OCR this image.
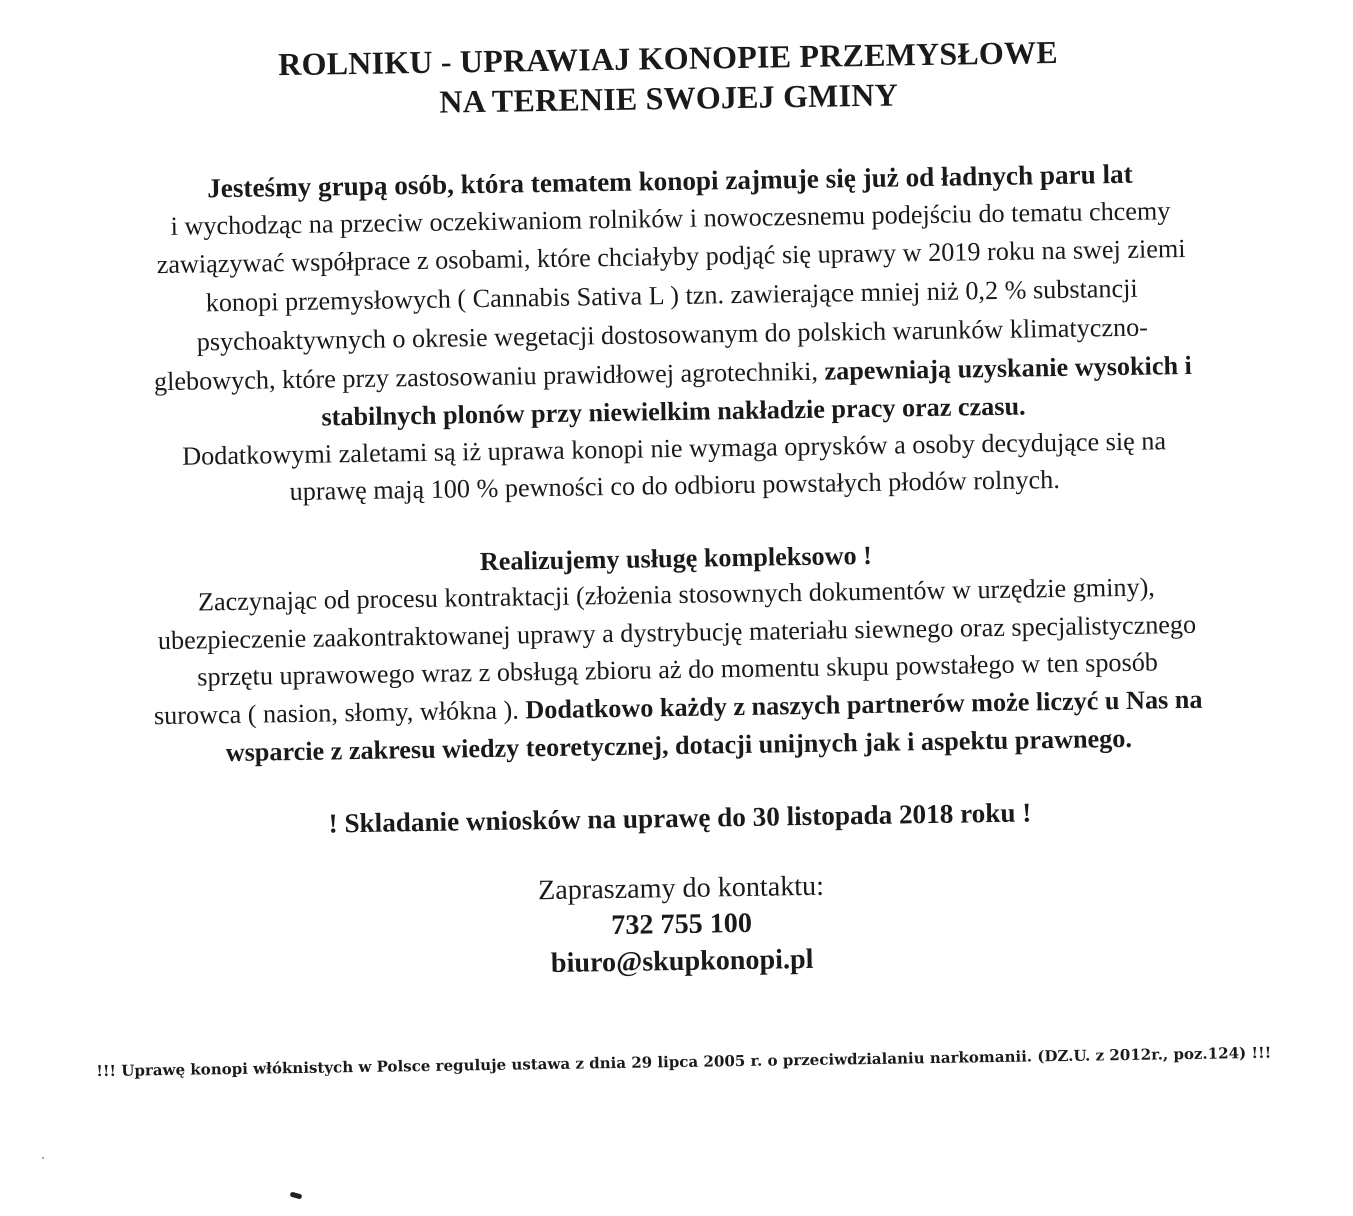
ROLNIKU - UPRAWIAJ KONOPIE PRZEMYSŁOWE
NA TERENIE SWOJEJ GMINY
Jesteśmy grupą osób, która tematem konopi zajmuje się już od ładnych paru lat
i wychodząc na przeciw oczekiwaniom rolników i nowoczesnemu podejściu do tematu chcemy
zawiązywać współprace z osobami, które chciałyby podjąć się uprawy w 2019 roku na swej ziemi
konopi przemysłowych ( Cannabis Sativa L ) tzn. zawierające mniej niż 0,2 % substancji
psychoaktywnych o okresie wegetacji dostosowanym do polskich warunków klimatyczno-
glebowych, które przy zastosowaniu prawidłowej agrotechniki, zapewniają uzyskanie wysokich i
stabilnych plonów przy niewielkim nakładzie pracy oraz czasu.
Dodatkowymi zaletami są iż uprawa konopi nie wymaga oprysków a osoby decydujące się na
uprawę mają 100 % pewności co do odbioru powstałych płodów rolnych.
Realizujemy usługę kompleksowo !
Zaczynając od procesu kontraktacji (złożenia stosownych dokumentów w urzędzie gminy),
ubezpieczenie zaakontraktowanej uprawy a dystrybucję materiału siewnego oraz specjalistycznego
sprzętu uprawowego wraz z obsługą zbioru aż do momentu skupu powstałego w ten sposób
surowca ( nasion, słomy, włókna ). Dodatkowo każdy z naszych partnerów może liczyć u Nas na
wsparcie z zakresu wiedzy teoretycznej, dotacji unijnych jak i aspektu prawnego.
! Skladanie wniosków na uprawę do 30 listopada 2018 roku !
Zapraszamy do kontaktu:
732 755 100
biuro@skupkonopi.pl
!!! Uprawę konopi włóknistych w Polsce reguluje ustawa z dnia 29 lipca 2005 r. o przeciwdzialaniu narkomanii. (DZ.U. z 2012r., poz.124) !!!
